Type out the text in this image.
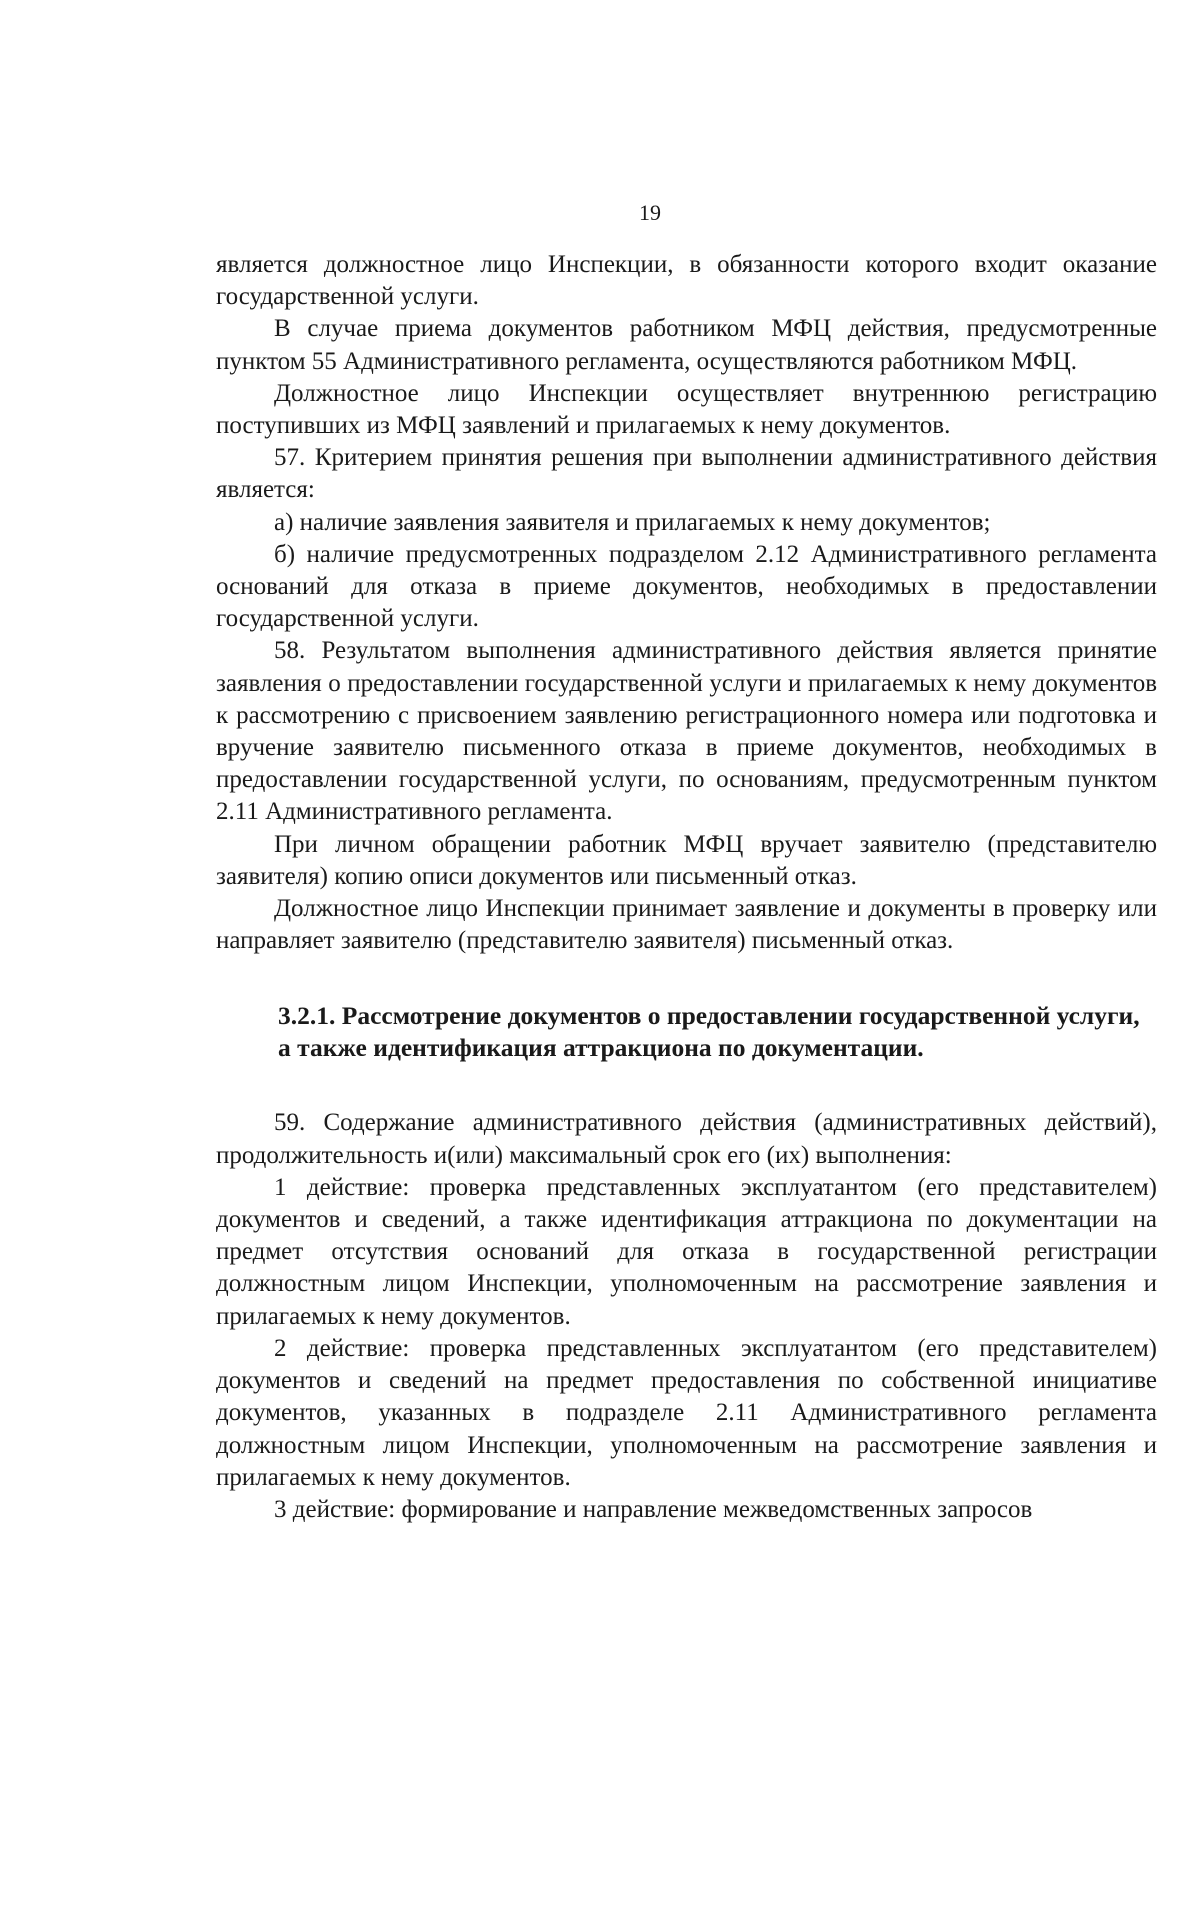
19

является должностное лицо Инспекции, в обязанности которого входит оказание государственной услуги.

В случае приема документов работником МФЦ действия, предусмотренные пунктом 55 Административного регламента, осуществляются работником МФЦ.

Должностное лицо Инспекции осуществляет внутреннюю регистрацию поступивших из МФЦ заявлений и прилагаемых к нему документов.

57. Критерием принятия решения при выполнении административного действия является:

а) наличие заявления заявителя и прилагаемых к нему документов;

б) наличие предусмотренных подразделом 2.12 Административного регламента оснований для отказа в приеме документов, необходимых в предоставлении государственной услуги.

58. Результатом выполнения административного действия является принятие заявления о предоставлении государственной услуги и прилагаемых к нему документов к рассмотрению с присвоением заявлению регистрационного номера или подготовка и вручение заявителю письменного отказа в приеме документов, необходимых в предоставлении государственной услуги, по основаниям, предусмотренным пунктом 2.11 Административного регламента.

При личном обращении работник МФЦ вручает заявителю (представителю заявителя) копию описи документов или письменный отказ.

Должностное лицо Инспекции принимает заявление и документы в проверку или направляет заявителю (представителю заявителя) письменный отказ.

3.2.1. Рассмотрение документов о предоставлении государственной услуги, а также идентификация аттракциона по документации.

59. Содержание административного действия (административных действий), продолжительность и(или) максимальный срок его (их) выполнения:

1 действие: проверка представленных эксплуатантом (его представителем) документов и сведений, а также идентификация аттракциона по документации на предмет отсутствия оснований для отказа в государственной регистрации должностным лицом Инспекции, уполномоченным на рассмотрение заявления и прилагаемых к нему документов.

2 действие: проверка представленных эксплуатантом (его представителем) документов и сведений на предмет предоставления по собственной инициативе документов, указанных в подразделе 2.11 Административного регламента должностным лицом Инспекции, уполномоченным на рассмотрение заявления и прилагаемых к нему документов.

3 действие: формирование и направление межведомственных запросов
